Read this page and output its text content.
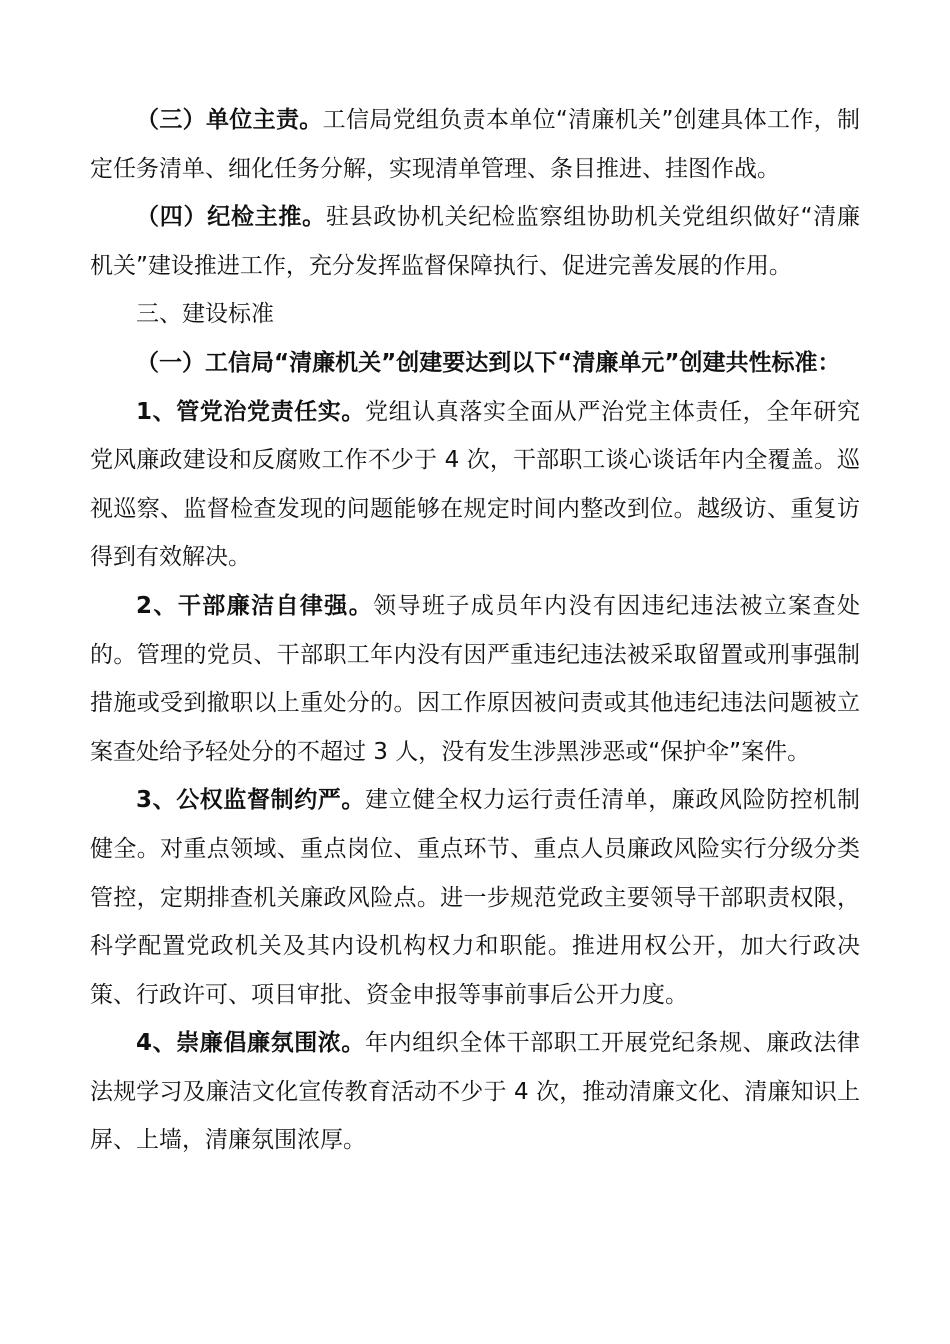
（三）单位主责。工信局党组负责本单位“清廉机关”创建具体工作，制定任务清单、细化任务分解，实现清单管理、条目推进、挂图作战。

（四）纪检主推。驻县政协机关纪检监察组协助机关党组织做好“清廉机关”建设推进工作，充分发挥监督保障执行、促进完善发展的作用。

三、建设标准

（一）工信局“清廉机关”创建要达到以下“清廉单元”创建共性标准：

1、管党治党责任实。党组认真落实全面从严治党主体责任，全年研究党风廉政建设和反腐败工作不少于 4 次，干部职工谈心谈话年内全覆盖。巡视巡察、监督检查发现的问题能够在规定时间内整改到位。越级访、重复访得到有效解决。

2、干部廉洁自律强。领导班子成员年内没有因违纪违法被立案查处的。管理的党员、干部职工年内没有因严重违纪违法被采取留置或刑事强制措施或受到撤职以上重处分的。因工作原因被问责或其他违纪违法问题被立案查处给予轻处分的不超过 3 人，没有发生涉黑涉恶或“保护伞”案件。

3、公权监督制约严。建立健全权力运行责任清单，廉政风险防控机制健全。对重点领域、重点岗位、重点环节、重点人员廉政风险实行分级分类管控，定期排查机关廉政风险点。进一步规范党政主要领导干部职责权限，科学配置党政机关及其内设机构权力和职能。推进用权公开，加大行政决策、行政许可、项目审批、资金申报等事前事后公开力度。

4、崇廉倡廉氛围浓。年内组织全体干部职工开展党纪条规、廉政法律法规学习及廉洁文化宣传教育活动不少于 4 次，推动清廉文化、清廉知识上屏、上墙，清廉氛围浓厚。
